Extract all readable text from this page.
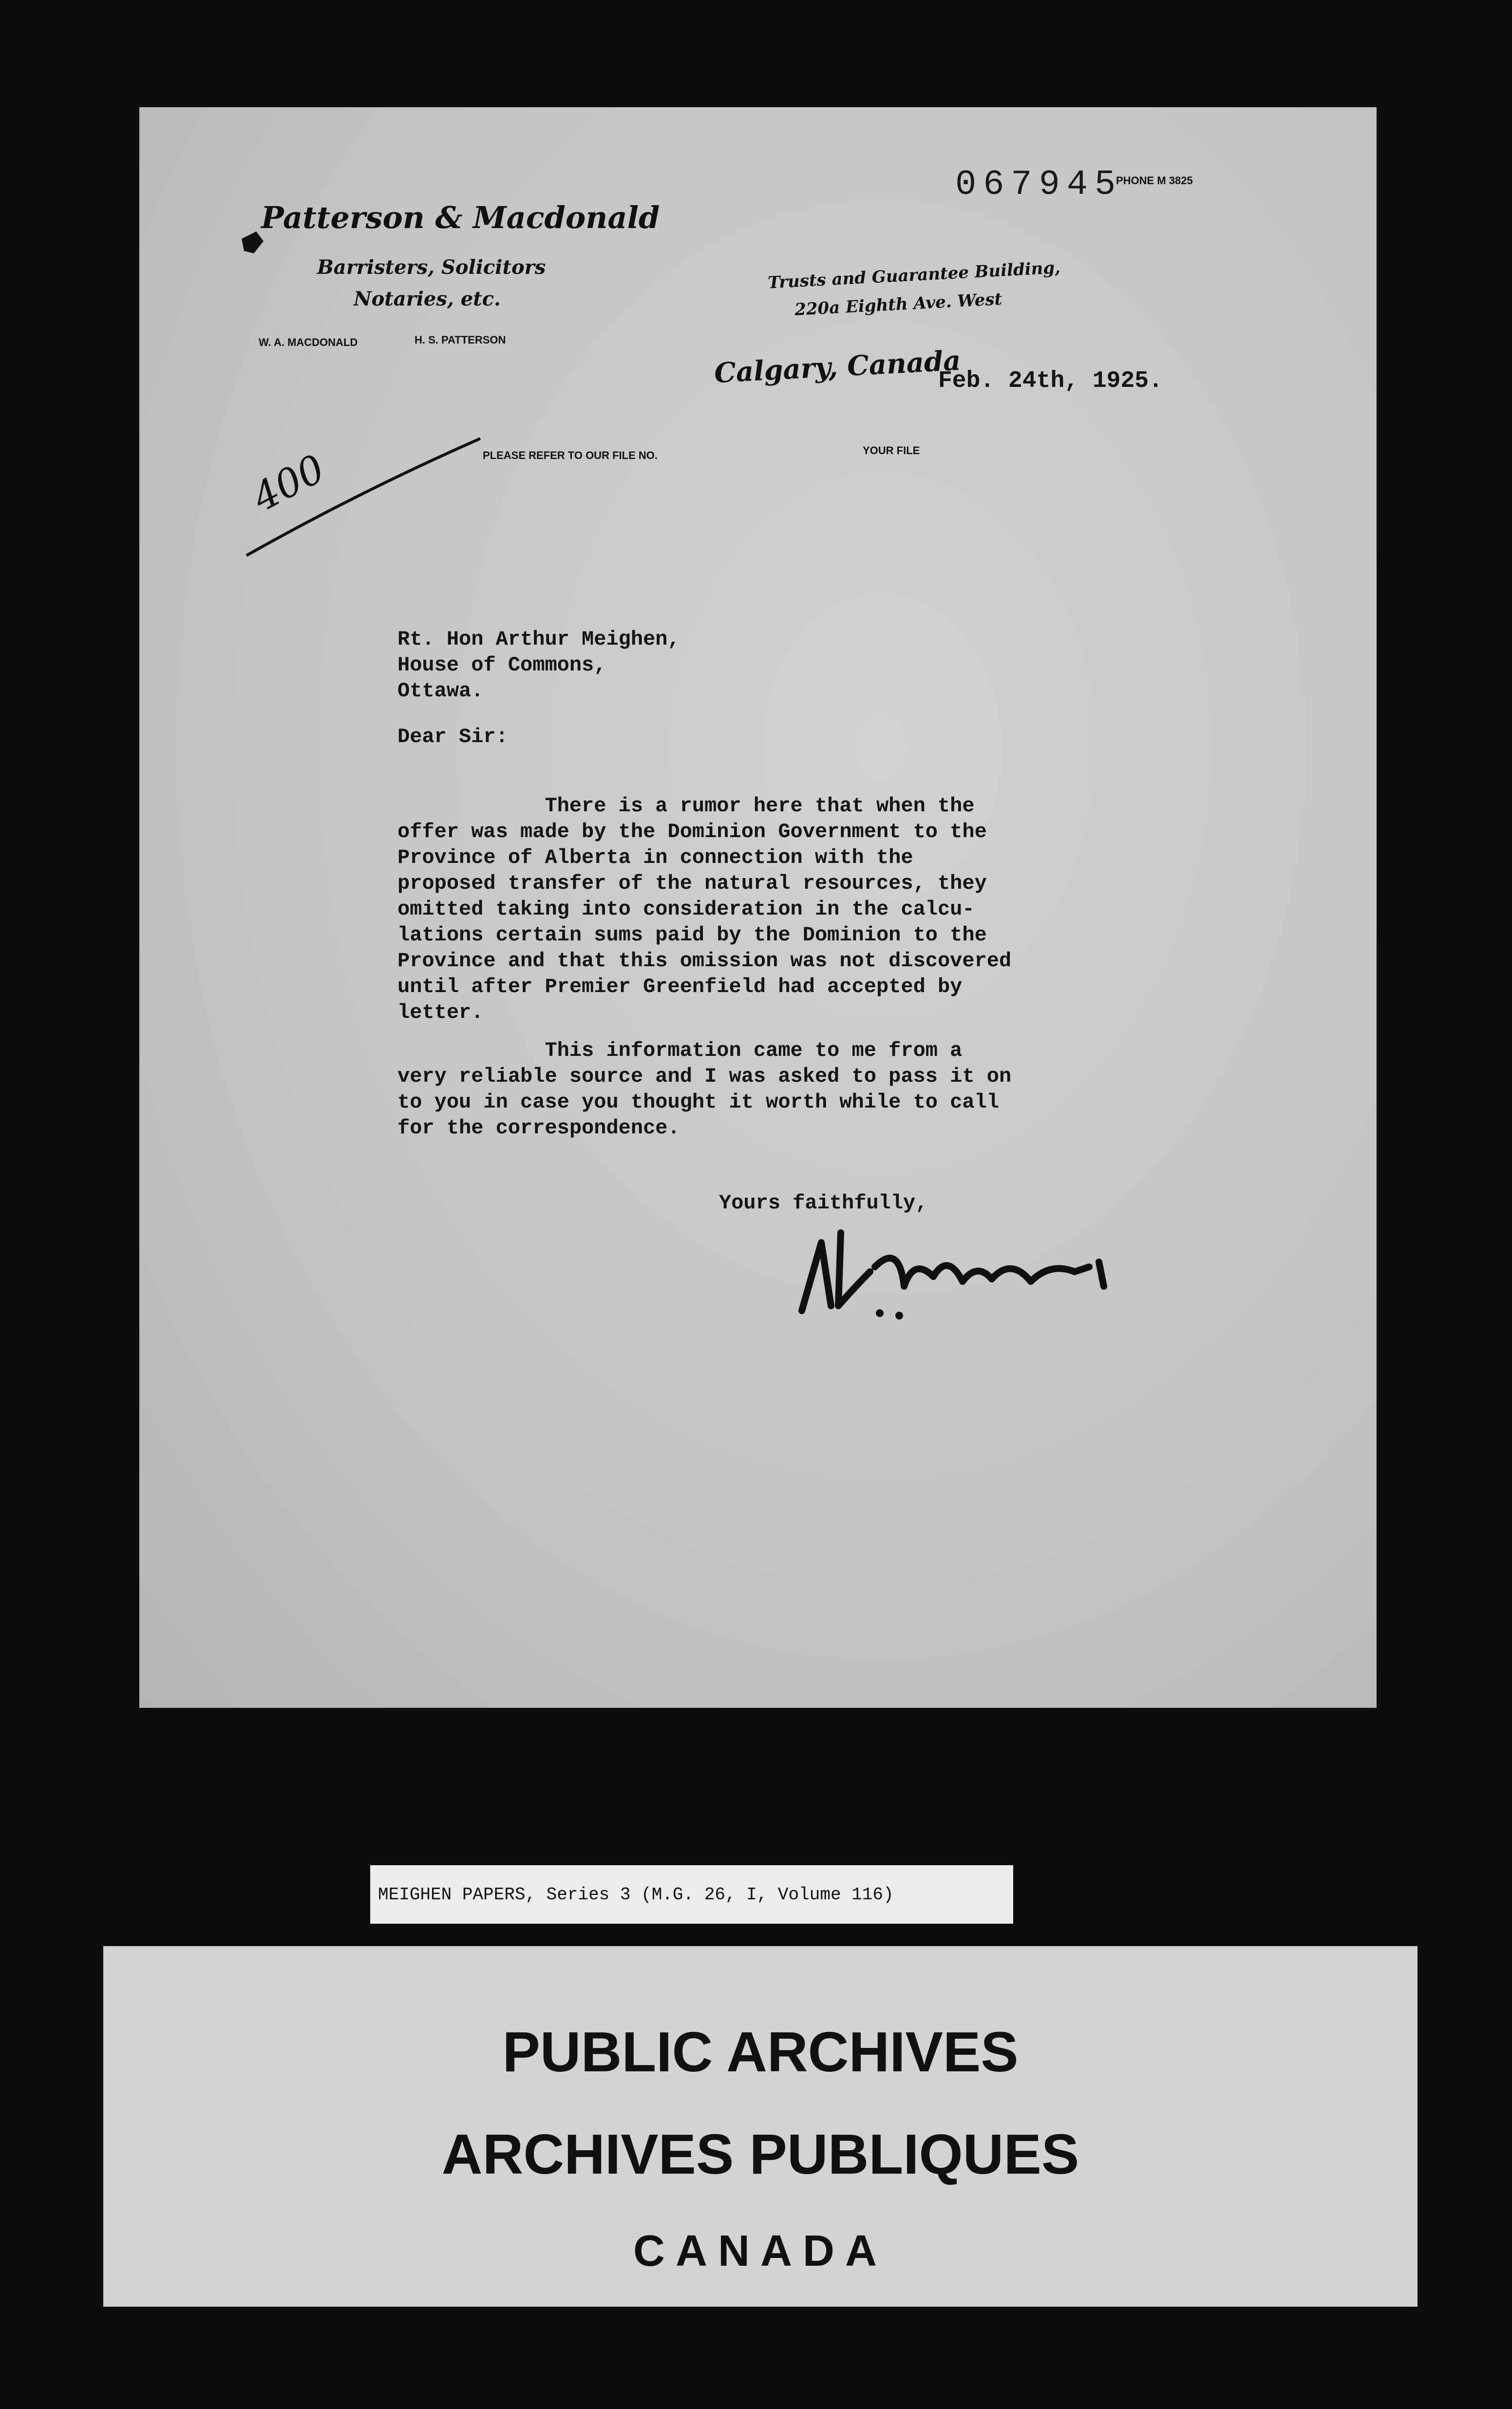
Patterson & Macdonald
Barristers, Solicitors
Notaries, etc.
W. A. MACDONALD	H. S. PATTERSON
067945
PHONE M 3825
Trusts and Guarantee Building,
220a Eighth Ave. West
Calgary, Canada
Feb. 24th, 1925.
PLEASE REFER TO OUR FILE NO.	YOUR FILE
400
Rt. Hon Arthur Meighen,
House of Commons,
Ottawa.
Dear Sir:
There is a rumor here that when the
offer was made by the Dominion Government to the
Province of Alberta in connection with the
proposed transfer of the natural resources, they
omitted taking into consideration in the calcu-
lations certain sums paid by the Dominion to the
Province and that this omission was not discovered
until after Premier Greenfield had accepted by
letter.
This information came to me from a
very reliable source and I was asked to pass it on
to you in case you thought it worth while to call
for the correspondence.
Yours faithfully,
MEIGHEN PAPERS, Series 3 (M.G. 26, I, Volume 116)
PUBLIC ARCHIVES
ARCHIVES PUBLIQUES
CANADA
